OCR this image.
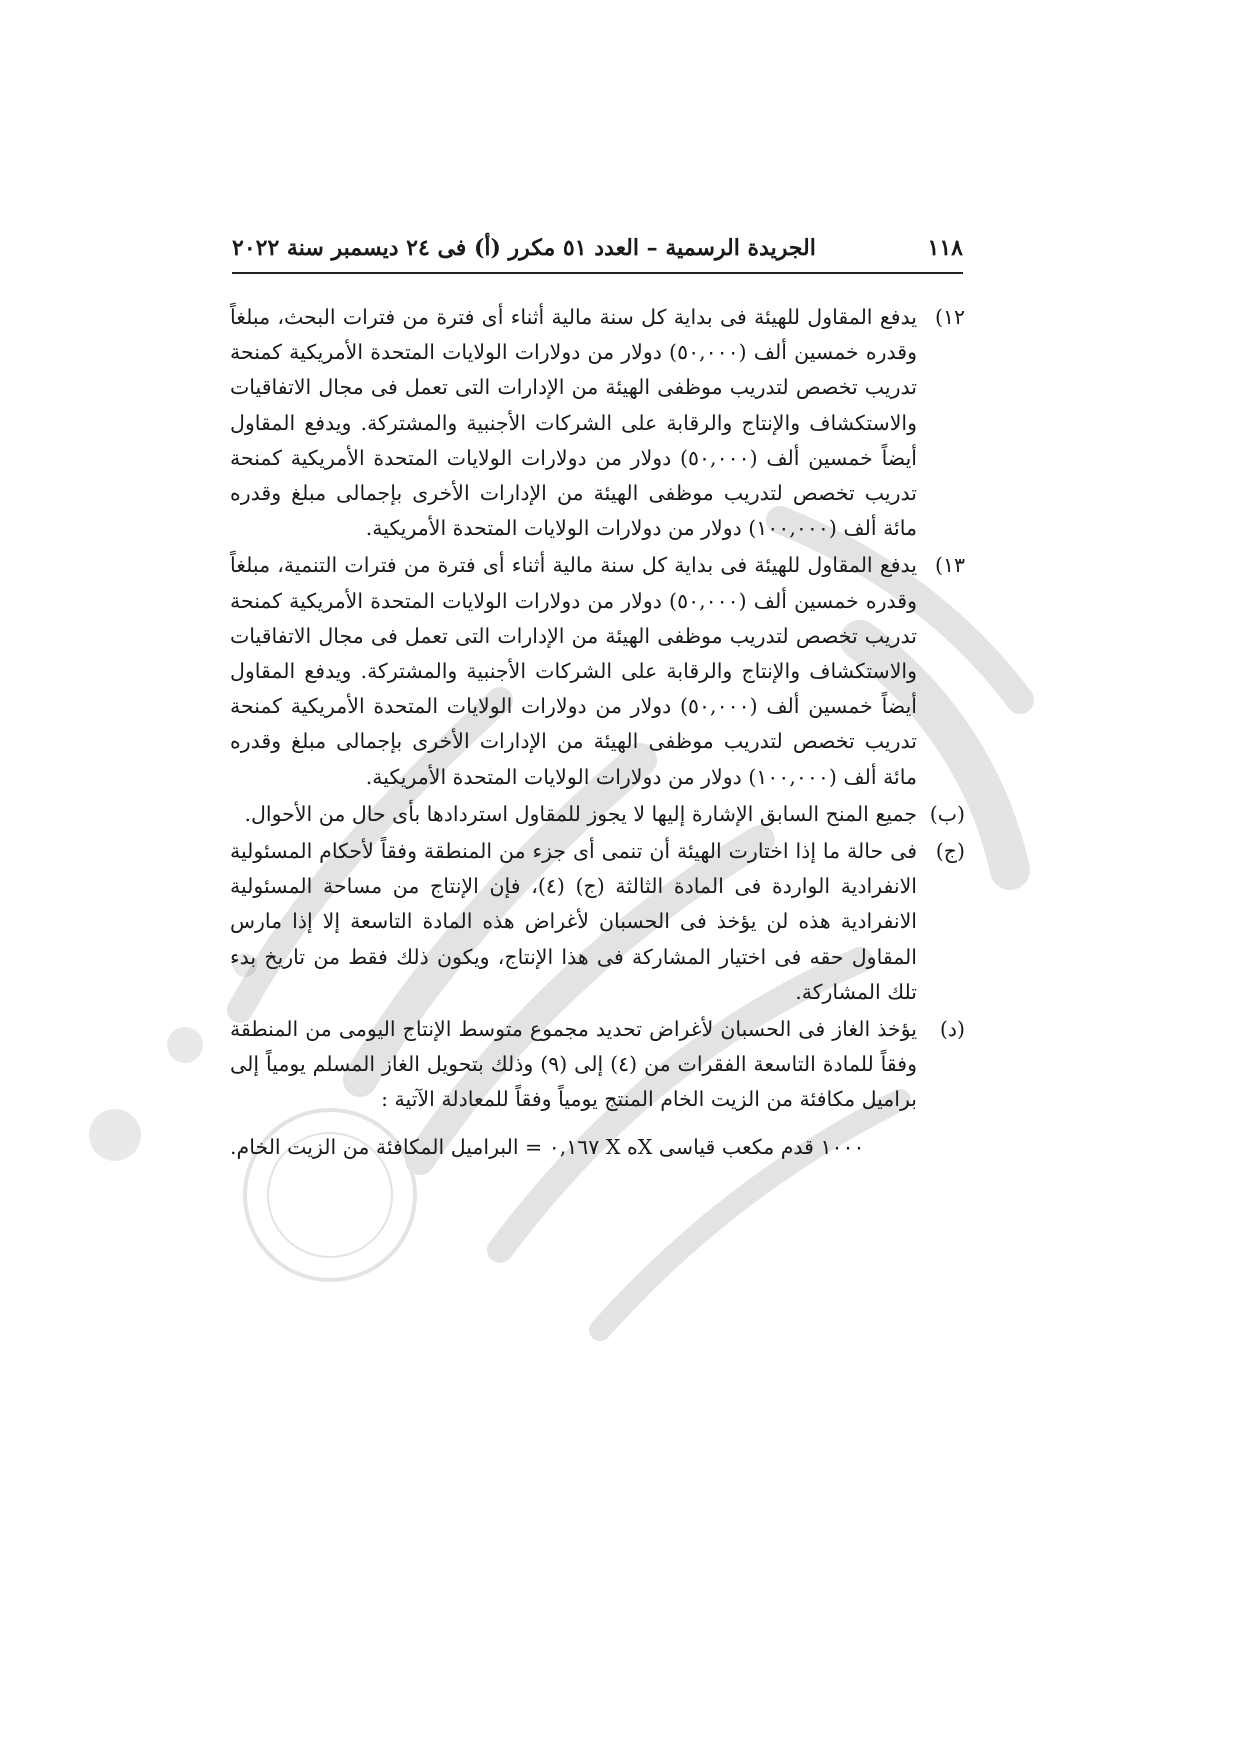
١١٨
الجريدة الرسمية – العدد ٥١ مكرر (أ) فى ٢٤ ديسمبر سنة ٢٠٢٢
١٢)

يدفع المقاول للهيئة فى بداية كل سنة مالية أثناء أى فترة من فترات البحث، مبلغاً وقدره خمسين ألف (٥٠,٠٠٠) دولار من دولارات الولايات المتحدة الأمريكية كمنحة تدريب تخصص لتدريب موظفى الهيئة من الإدارات التى تعمل فى مجال الاتفاقيات والاستكشاف والإنتاج والرقابة على الشركات الأجنبية والمشتركة. ويدفع المقاول أيضاً خمسين ألف (٥٠,٠٠٠) دولار من دولارات الولايات المتحدة الأمريكية كمنحة تدريب تخصص لتدريب موظفى الهيئة من الإدارات الأخرى بإجمالى مبلغ وقدره مائة ألف (١٠٠,٠٠٠) دولار من دولارات الولايات المتحدة الأمريكية.

١٣)

يدفع المقاول للهيئة فى بداية كل سنة مالية أثناء أى فترة من فترات التنمية، مبلغاً وقدره خمسين ألف (٥٠,٠٠٠) دولار من دولارات الولايات المتحدة الأمريكية كمنحة تدريب تخصص لتدريب موظفى الهيئة من الإدارات التى تعمل فى مجال الاتفاقيات والاستكشاف والإنتاج والرقابة على الشركات الأجنبية والمشتركة. ويدفع المقاول أيضاً خمسين ألف (٥٠,٠٠٠) دولار من دولارات الولايات المتحدة الأمريكية كمنحة تدريب تخصص لتدريب موظفى الهيئة من الإدارات الأخرى بإجمالى مبلغ وقدره مائة ألف (١٠٠,٠٠٠) دولار من دولارات الولايات المتحدة الأمريكية.

(ب)

جميع المنح السابق الإشارة إليها لا يجوز للمقاول استردادها بأى حال من الأحوال.

(ج)

فى حالة ما إذا اختارت الهيئة أن تنمى أى جزء من المنطقة وفقاً لأحكام المسئولية الانفرادية الواردة فى المادة الثالثة (ج) (٤)، فإن الإنتاج من مساحة المسئولية الانفرادية هذه لن يؤخذ فى الحسبان لأغراض هذه المادة التاسعة إلا إذا مارس المقاول حقه فى اختيار المشاركة فى هذا الإنتاج، ويكون ذلك فقط من تاريخ بدء تلك المشاركة.

(د)

يؤخذ الغاز فى الحسبان لأغراض تحديد مجموع متوسط الإنتاج اليومى من المنطقة وفقاً للمادة التاسعة الفقرات من (٤) إلى (٩) وذلك بتحويل الغاز المسلم يومياً إلى براميل مكافئة من الزيت الخام المنتج يومياً وفقاً للمعادلة الآتية :

١٠٠٠ قدم مكعب قياسى Xه X ٠,١٦٧ = البراميل المكافئة من الزيت الخام.
